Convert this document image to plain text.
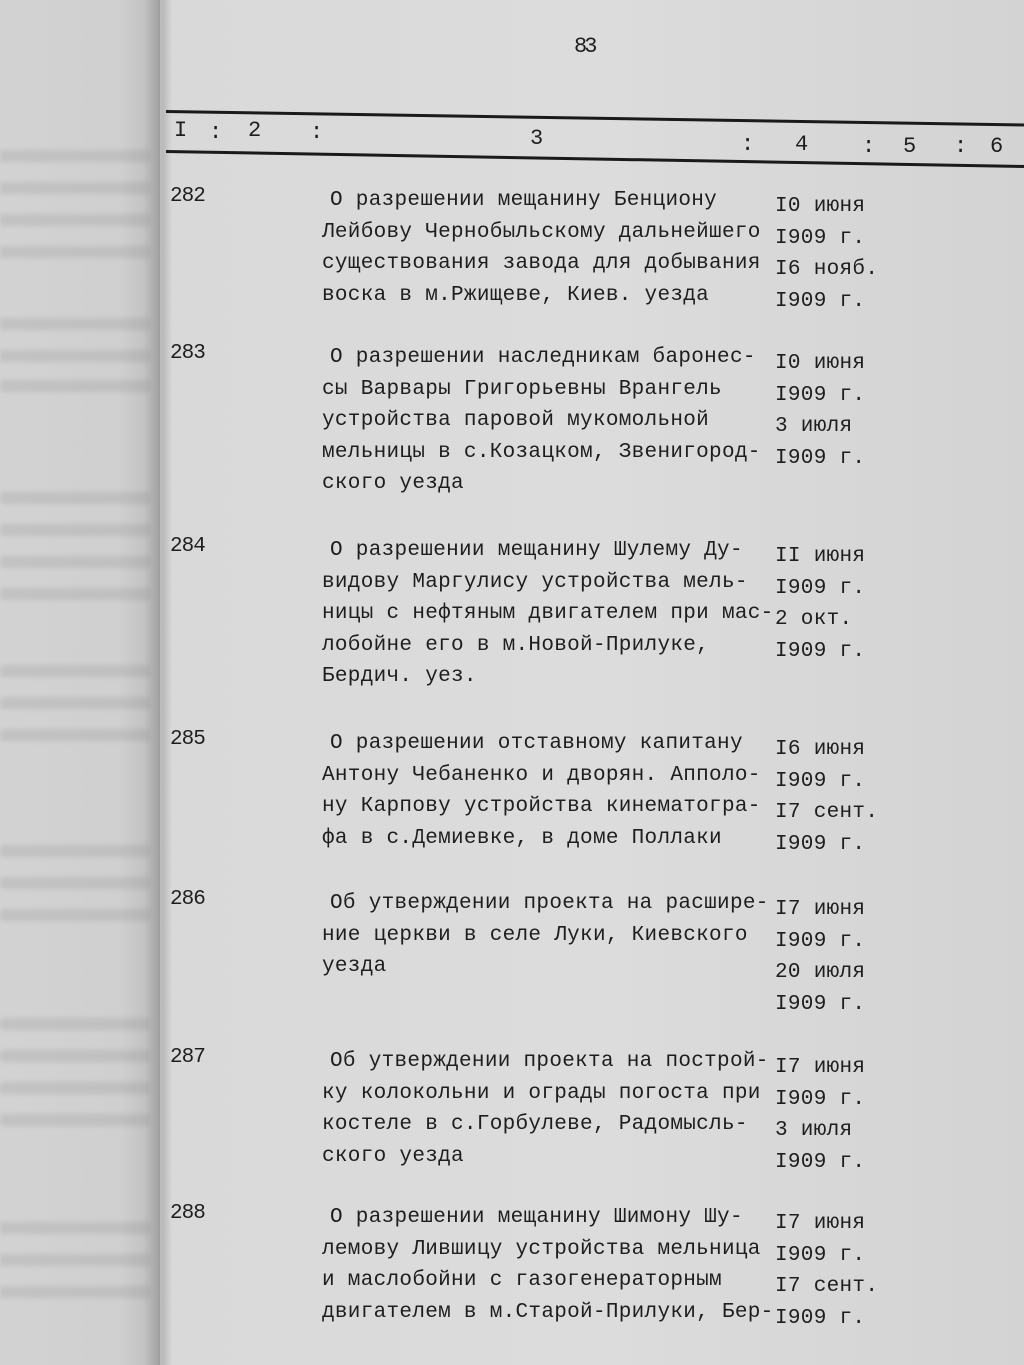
83
I : 2 :	3	: 4 : 5 : 6
282	О разрешении мещанину Бенциону
Лейбову Чернобыльскому дальнейшего
существования завода для добывания
воска в м.Ржищеве, Киев. уезда
I0 июня
I909 г.
I6 нояб.
I909 г.
283	О разрешении наследникам баронес-
сы Варвары Григорьевны Врангель
устройства паровой мукомольной
мельницы в с.Козацком, Звенигород-
ского уезда
I0 июня
I909 г.
3 июля
I909 г.
284	О разрешении мещанину Шулему Ду-
видову Маргулису устройства мель-
ницы с нефтяным двигателем при мас-
лобойне его в м.Новой-Прилуке,
Бердич. уез.
II июня
I909 г.
2 окт.
I909 г.
285	О разрешении отставному капитану
Антону Чебаненко и дворян. Апполо-
ну Карпову устройства кинематогра-
фа в с.Демиевке, в доме Поллаки
I6 июня
I909 г.
I7 сент.
I909 г.
286	Об утверждении проекта на расшире-
ние церкви в селе Луки, Киевского
уезда
I7 июня
I909 г.
20 июля
I909 г.
287	Об утверждении проекта на построй-
ку колокольни и ограды погоста при
костеле в с.Горбулеве, Радомысль-
ского уезда
I7 июня
I909 г.
3 июля
I909 г.
288	О разрешении мещанину Шимону Шу-
лемову Лившицу устройства мельница
и маслобойни с газогенераторным
двигателем в м.Старой-Прилуки, Бер-
I7 июня
I909 г.
I7 сент.
I909 г.
